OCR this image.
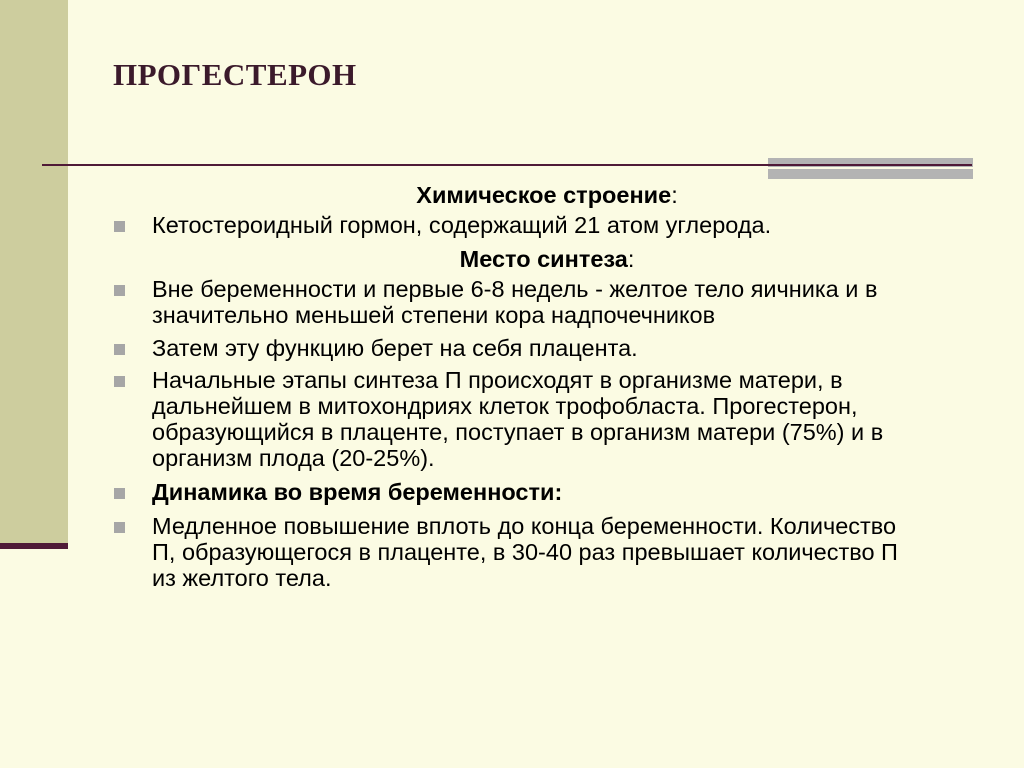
ПРОГЕСТЕРОН

Химическое строение:

Кетостероидный гормон, содержащий 21 атом углерода.

Место синтеза:

Вне беременности и первые 6-8 недель - желтое тело яичника и в значительно меньшей степени кора надпочечников
Затем эту функцию берет на себя плацента.
Начальные этапы синтеза П происходят в организме матери, в дальнейшем в митохондриях клеток трофобласта. Прогестерон, образующийся в плаценте, поступает в организм матери (75%) и в организм плода (20-25%).
Динамика во время беременности:
Медленное повышение вплоть до конца беременности. Количество П, образующегося в плаценте, в 30-40 раз превышает количество П из желтого тела.
